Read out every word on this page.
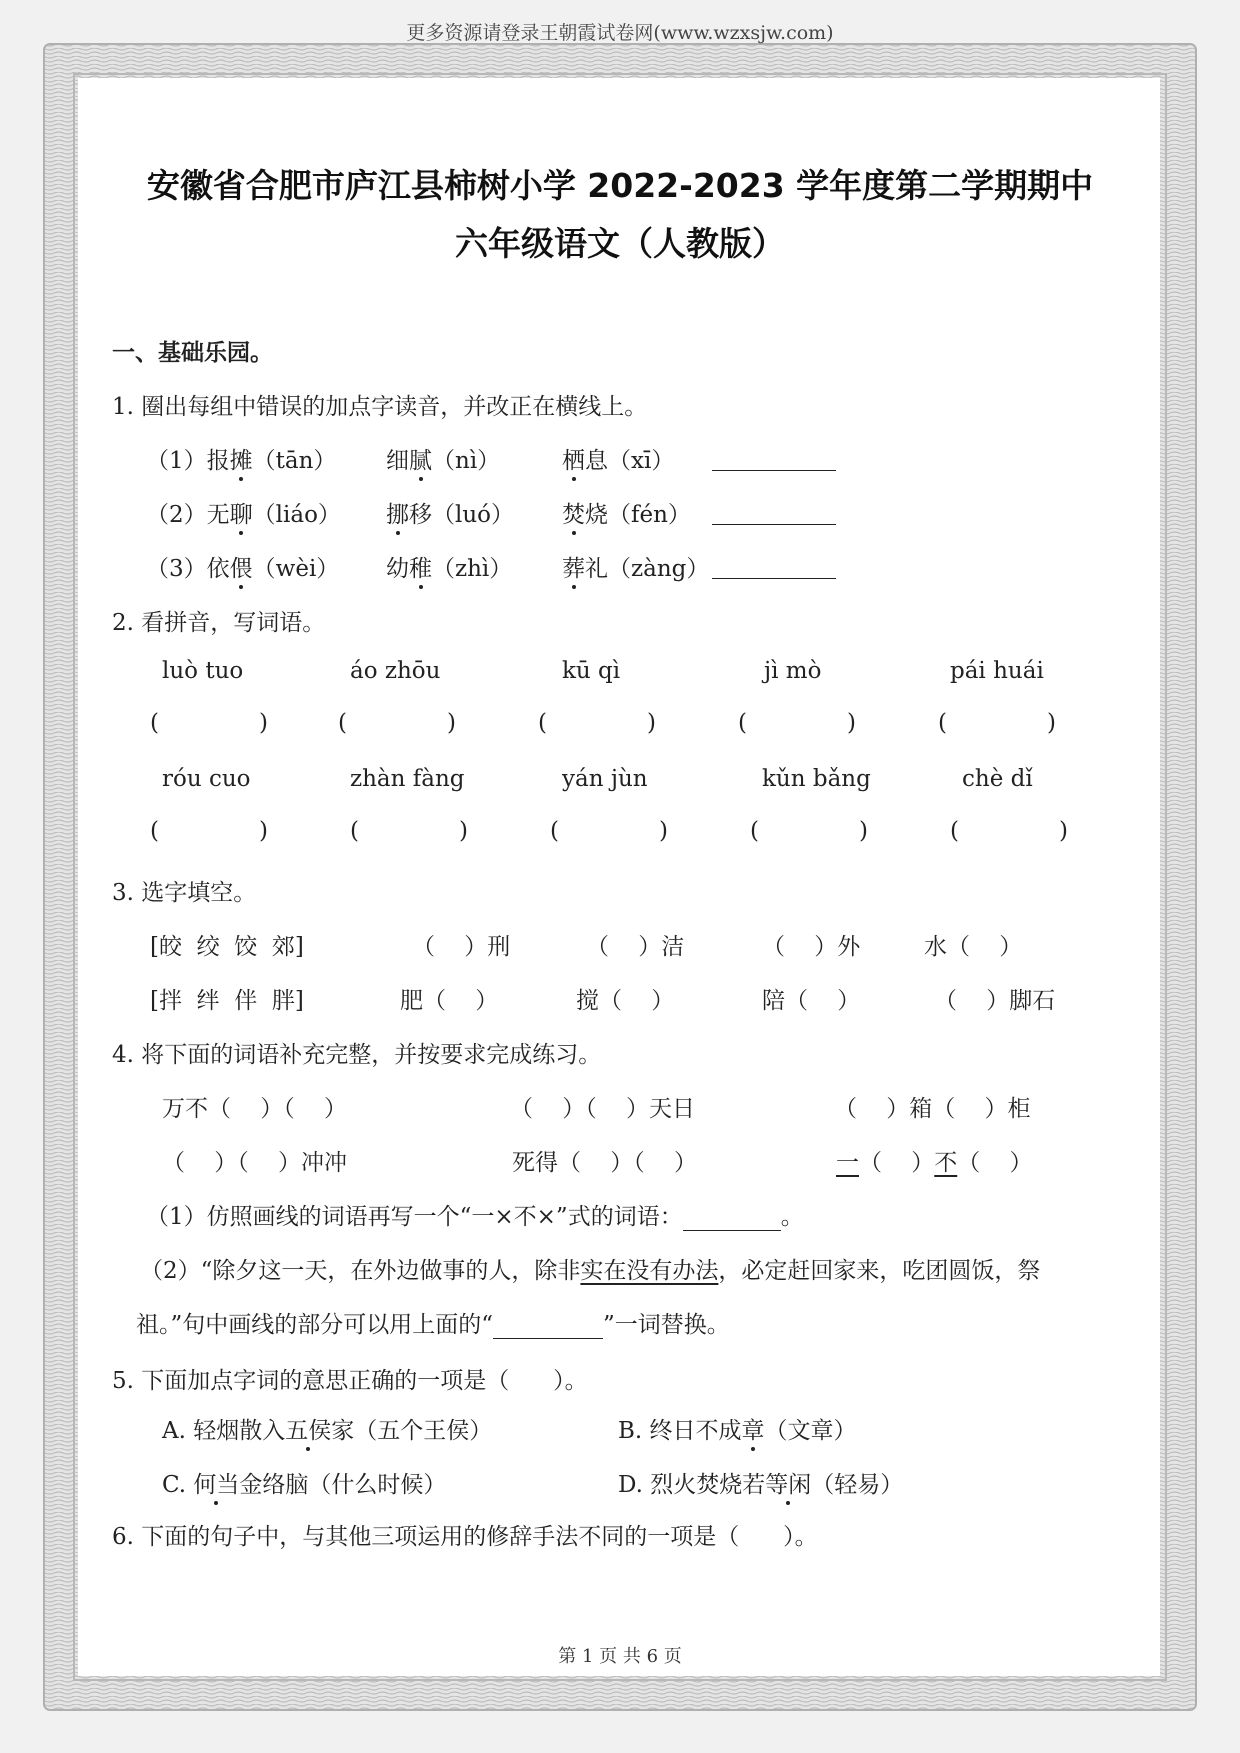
更多资源请登录王朝霞试卷网(www.wzxsjw.com)
安徽省合肥市庐江县柿树小学 2022-2023 学年度第二学期期中
六年级语文（人教版）
一、基础乐园。
1. 圈出每组中错误的加点字读音，并改正在横线上。
（1）报摊（tān） 细腻（nì）	栖息（xī）
（2）无聊（liáo） 挪移（luó） 焚烧（fén）
（3）依偎（wèi） 幼稚（zhì） 葬礼（zàng）
2. 看拼音，写词语。
luò tuo	áo zhōu	kū qì	jì mò	pái huái
(	)	(	)	(	)	(	)	(	)
róu cuo	zhàn fàng	yán jùn	kǔn bǎng	chè dǐ
(	)	(	)	(	)	(	)	(	)
3. 选字填空。
[皎  绞  饺  郊]	（    ）刑	（    ）洁	（    ）外	水（    ）
[拌  绊  伴  胖]	肥（    ）	搅（    ）	陪（    ）	（    ）脚石
4. 将下面的词语补充完整，并按要求完成练习。
万不（    ）（    ）	（    ）（    ）天日	（    ）箱（    ）柜
（    ）（    ）冲冲	死得（    ）（    ）	一（    ）不（    ）
（1）仿照画线的词语再写一个“一×不×”式的词语：	。
（2）“除夕这一天，在外边做事的人，除非实在没有办法，必定赶回家来，吃团圆饭，祭
祖。”句中画线的部分可以用上面的“	”一词替换。
5. 下面加点字词的意思正确的一项是（      ）。
A. 轻烟散入五侯家（五个王侯）	B. 终日不成章（文章）
C. 何当金络脑（什么时候）	D. 烈火焚烧若等闲（轻易）
6. 下面的句子中，与其他三项运用的修辞手法不同的一项是（      ）。
第 1 页 共 6 页
